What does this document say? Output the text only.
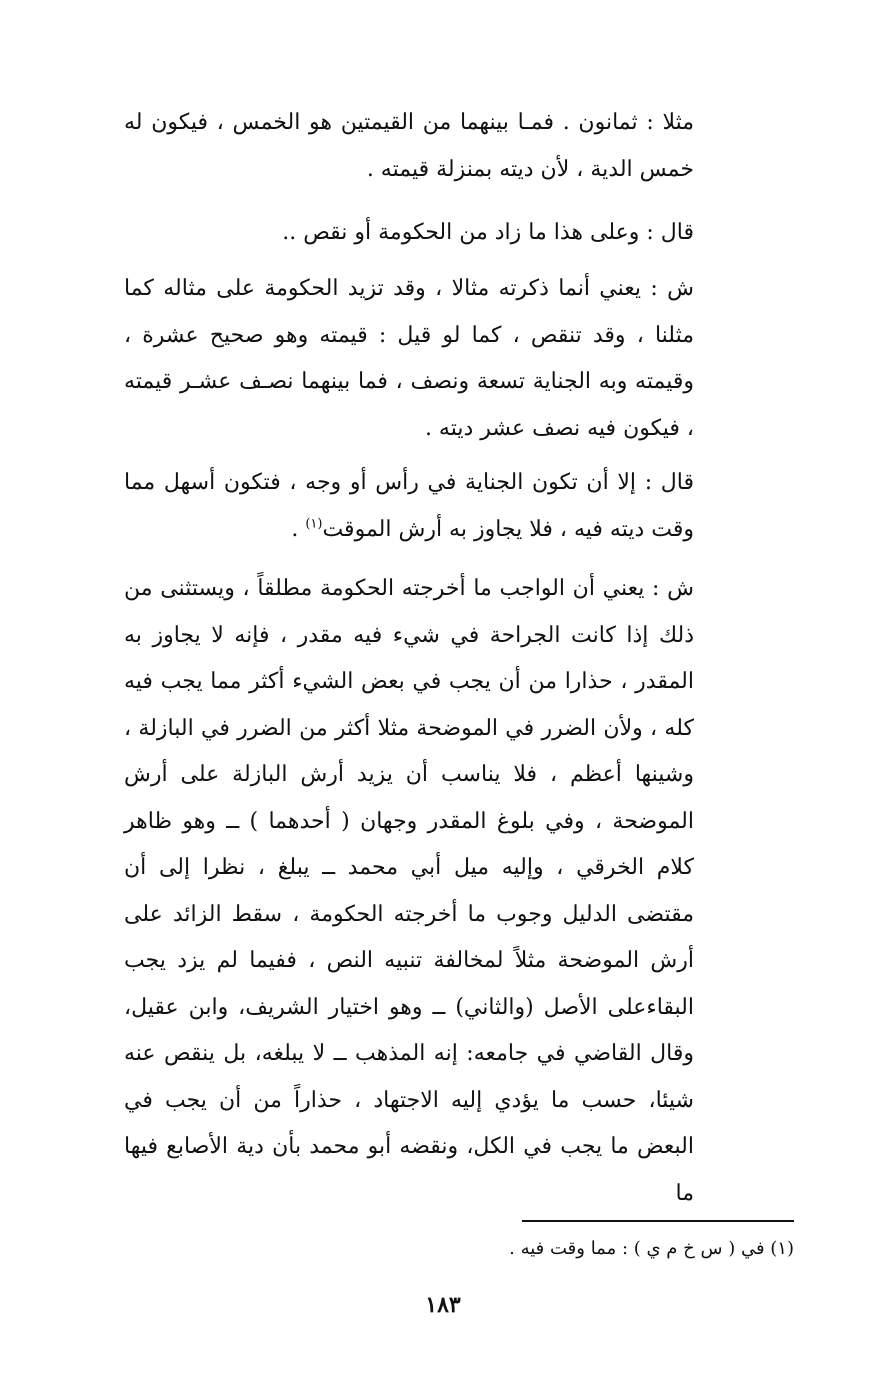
مثلا : ثمانون . فمـا بينهما من القيمتين هو الخمس ، فيكون له خمس الدية ، لأن ديته بمنزلة قيمته .

قال : وعلى هذا ما زاد من الحكومة أو نقص ..

ش : يعني أنما ذكرته مثالا ، وقد تزيد الحكومة على مثاله كما مثلنا ، وقد تنقص ، كما لو قيل : قيمته وهو صحيح عشرة ، وقيمته وبه الجناية تسعة ونصف ، فما بينهما نصـف عشـر قيمته ، فيكون فيه نصف عشر ديته .

قال : إلا أن تكون الجناية في رأس أو وجه ، فتكون أسهل مما وقت ديته فيه ، فلا يجاوز به أرش الموقت$^{(١)}$ .

ش : يعني أن الواجب ما أخرجته الحكومة مطلقاً ، ويستثنى من ذلك إذا كانت الجراحة في شيء فيه مقدر ، فإنه لا يجاوز به المقدر ، حذارا من أن يجب في بعض الشيء أكثر مما يجب فيه كله ، ولأن الضرر في الموضحة مثلا أكثر من الضرر في البازلة ، وشينها أعظم ، فلا يناسب أن يزيد أرش البازلة على أرش الموضحة ، وفي بلوغ المقدر وجهان ( أحدهما ) ــ وهو ظاهر كلام الخرقي ، وإليه ميل أبي محمد ــ يبلغ ، نظرا إلى أن مقتضى الدليل وجوب ما أخرجته الحكومة ، سقط الزائد على أرش الموضحة مثلاً لمخالفة تنبيه النص ، ففيما لم يزد يجب البقاءعلى الأصل (والثاني) ــ وهو اختيار الشريف، وابن عقيل، وقال القاضي في جامعه: إنه المذهب ــ لا يبلغه، بل ينقص عنه شيئا، حسب ما يؤدي إليه الاجتهاد ، حذاراً من أن يجب في البعض ما يجب في الكل، ونقضه أبو محمد بأن دية الأصابع فيها ما

(١) في ( س خ م ي ) : مما وقت فيه .
١٨٣
